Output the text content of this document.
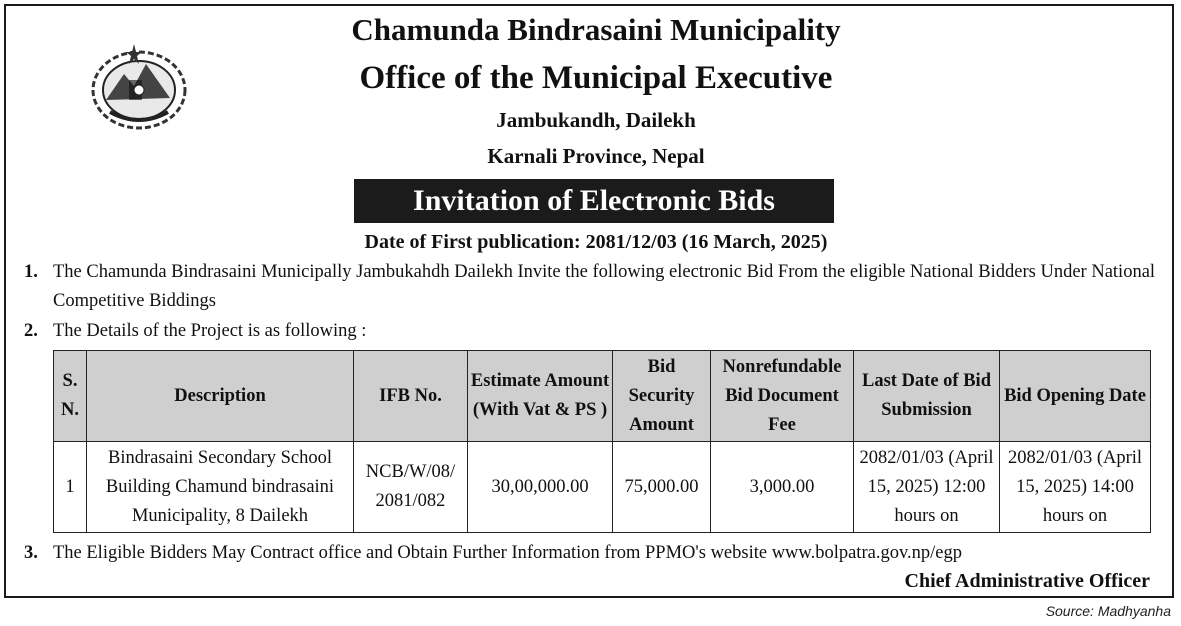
Chamunda Bindrasaini Municipality
Office of the Municipal Executive
Jambukandh, Dailekh
Karnali Province, Nepal
Invitation of Electronic Bids
Date of First publication: 2081/12/03 (16 March, 2025)
1. The Chamunda Bindrasaini Municipally Jambukahdh Dailekh Invite the following electronic Bid From the eligible National Bidders Under National Competitive Biddings
2. The Details of the Project is as following :
S. N.	Description	IFB No.	Estimate Amount (With Vat & PS )	Bid Security Amount	Nonrefundable Bid Document Fee	Last Date of Bid Submission	Bid Opening Date
1	Bindrasaini Secondary School Building Chamund bindrasaini Municipality, 8 Dailekh	NCB/W/08/ 2081/082	30,00,000.00	75,000.00	3,000.00	2082/01/03 (April 15, 2025) 12:00 hours on	2082/01/03 (April 15, 2025) 14:00 hours on
3. The Eligible Bidders May Contract office and Obtain Further Information from PPMO's website www.bolpatra.gov.np/egp
Chief Administrative Officer
Source: Madhyanha
